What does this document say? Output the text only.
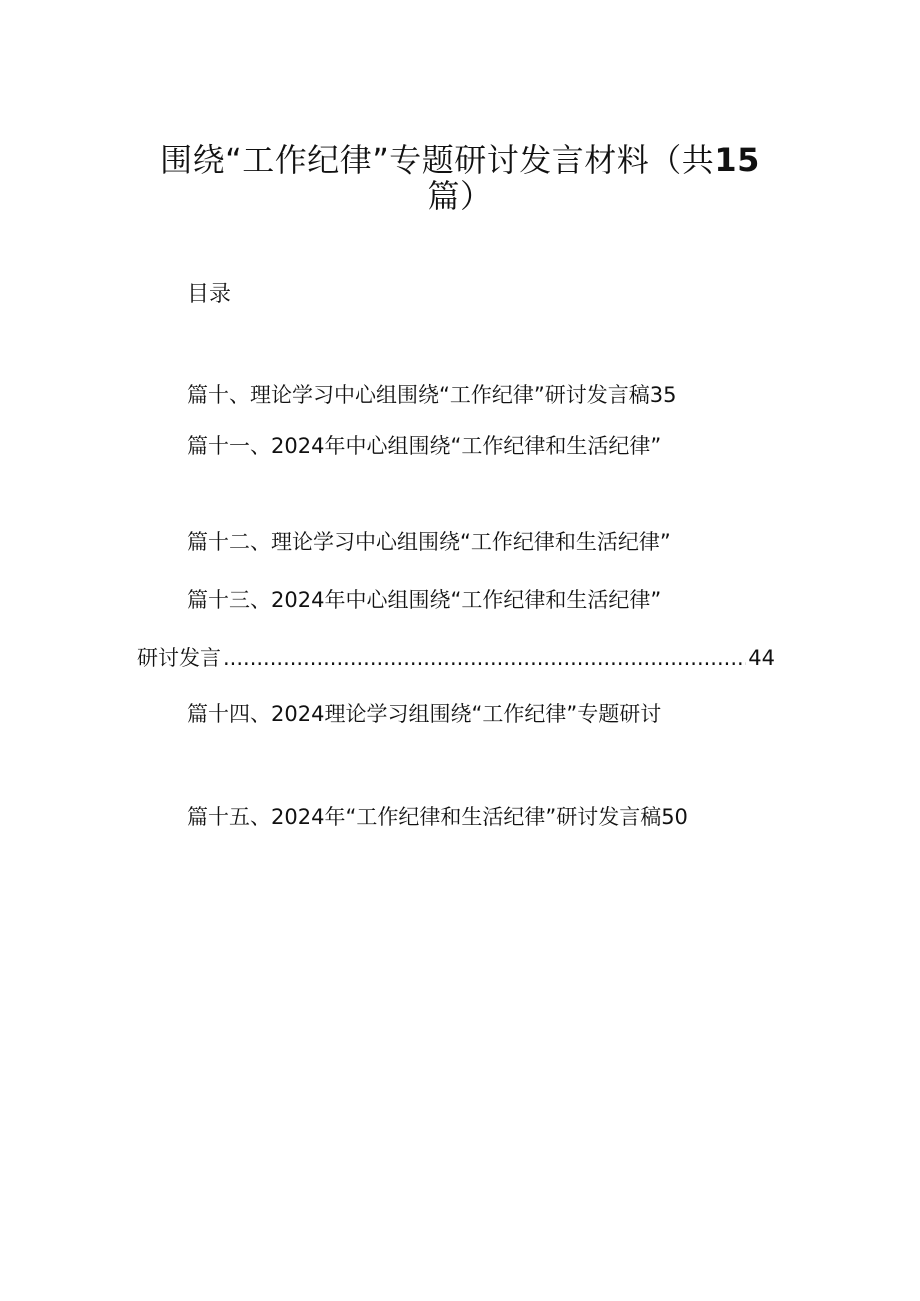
围绕“工作纪律”专题研讨发言材料（共15
篇）
目录
篇十、理论学习中心组围绕“工作纪律”研讨发言稿35
篇十一、2024年中心组围绕“工作纪律和生活纪律”
篇十二、理论学习中心组围绕“工作纪律和生活纪律”
篇十三、2024年中心组围绕“工作纪律和生活纪律”
研讨发言
.....	44
篇十四、2024理论学习组围绕“工作纪律”专题研讨
篇十五、2024年“工作纪律和生活纪律”研讨发言稿50
